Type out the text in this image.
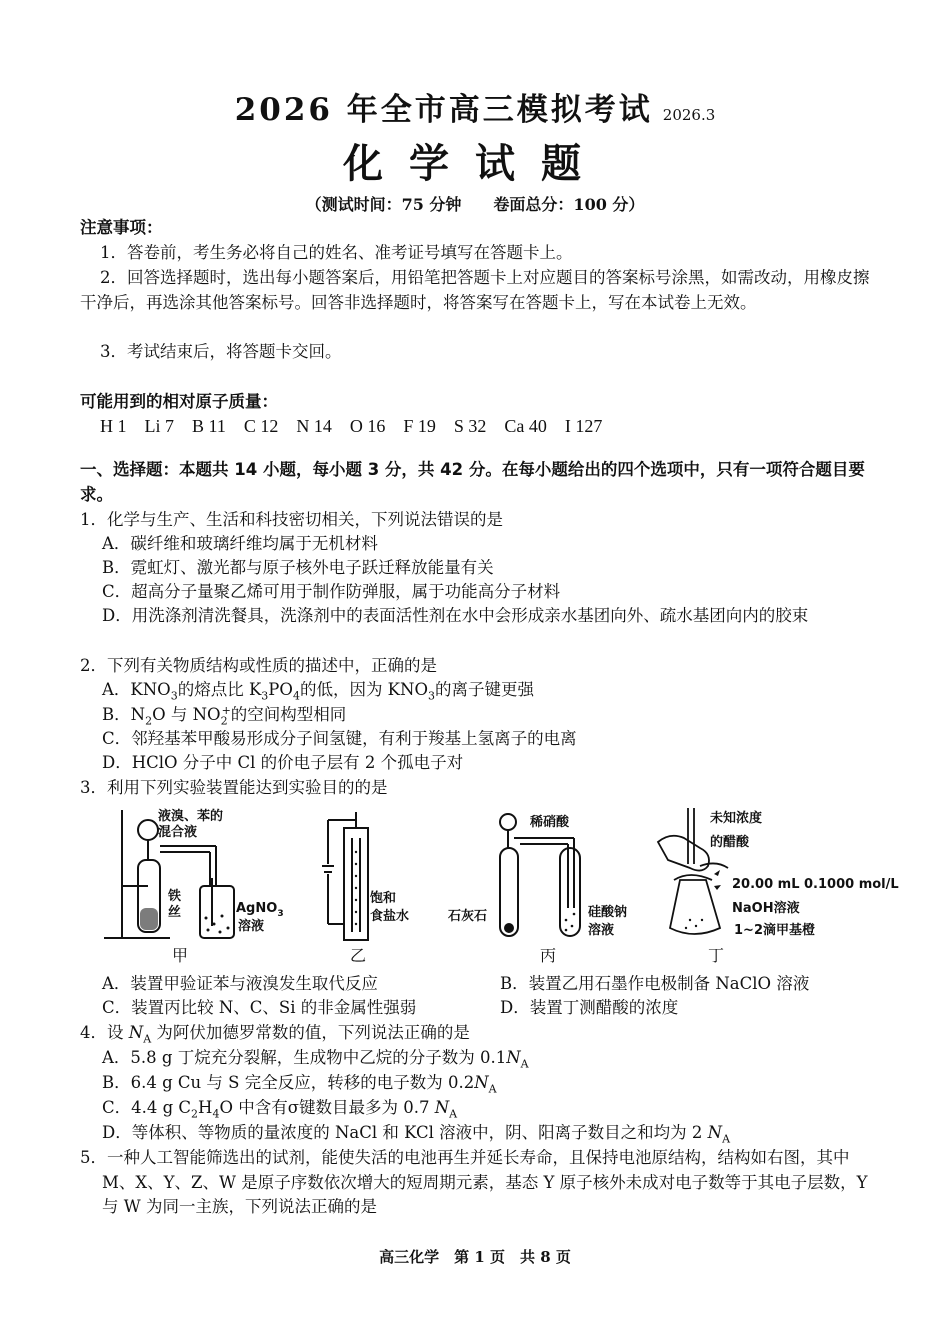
2026 年全市高三模拟考试 2026.3
化学试题
（测试时间：75 分钟　　卷面总分：100 分）
注意事项：
1．答卷前，考生务必将自己的姓名、准考证号填写在答题卡上。
2．回答选择题时，选出每小题答案后，用铅笔把答题卡上对应题目的答案标号涂黑，如需改动，用橡皮擦干净后，再选涂其他答案标号。回答非选择题时，将答案写在答题卡上，写在本试卷上无效。
3．考试结束后，将答题卡交回。
可能用到的相对原子质量：
H 1　Li 7　B 11　C 12　N 14　O 16　F 19　S 32　Ca 40　I 127
一、选择题：本题共 14 小题，每小题 3 分，共 42 分。在每小题给出的四个选项中，只有一项符合题目要求。
1．化学与生产、生活和科技密切相关，下列说法错误的是
A．碳纤维和玻璃纤维均属于无机材料
B．霓虹灯、激光都与原子核外电子跃迁释放能量有关
C．超高分子量聚乙烯可用于制作防弹服，属于功能高分子材料
D．用洗涤剂清洗餐具，洗涤剂中的表面活性剂在水中会形成亲水基团向外、疏水基团向内的胶束
2．下列有关物质结构或性质的描述中，正确的是
A．$KNO_3$的熔点比 $K_3PO_4$的低，因为 $KNO_3$的离子键更强
B．$N_2O$ 与 $NO_2^+$的空间构型相同
C．邻羟基苯甲酸易形成分子间氢键，有利于羧基上氢离子的电离
D．HClO 分子中 Cl 的价电子层有 2 个孤电子对
3．利用下列实验装置能达到实验目的的是
液溴、苯的
混合液
铁
丝	AgNO$_3$
溶液
甲
饱和
食盐水
乙
稀硝酸
石灰石	硅酸钠
溶液
丙
未知浓度
的醋酸
20.00 mL 0.1000 mol/L
NaOH溶液
1~2滴甲基橙
丁
A．装置甲验证苯与液溴发生取代反应	B．装置乙用石墨作电极制备 NaClO 溶液
C．装置丙比较 N、C、Si 的非金属性强弱	D．装置丁测醋酸的浓度
4．设 $N_A$ 为阿伏加德罗常数的值，下列说法正确的是
A．5.8 g 丁烷充分裂解，生成物中乙烷的分子数为 $0.1N_A$
B．6.4 g Cu 与 S 完全反应，转移的电子数为 $0.2N_A$
C．4.4 g $C_2H_4O$ 中含有σ键数目最多为 0.7 $N_A$
D．等体积、等物质的量浓度的 NaCl 和 KCl 溶液中，阴、阳离子数目之和均为 2 $N_A$
5．一种人工智能筛选出的试剂，能使失活的电池再生并延长寿命，且保持电池原结构，结构如右图，其中 M、X、Y、Z、W 是原子序数依次增大的短周期元素，基态 Y 原子核外未成对电子数等于其电子层数，Y 与 W 为同一主族，下列说法正确的是
高三化学　第 1 页　共 8 页
